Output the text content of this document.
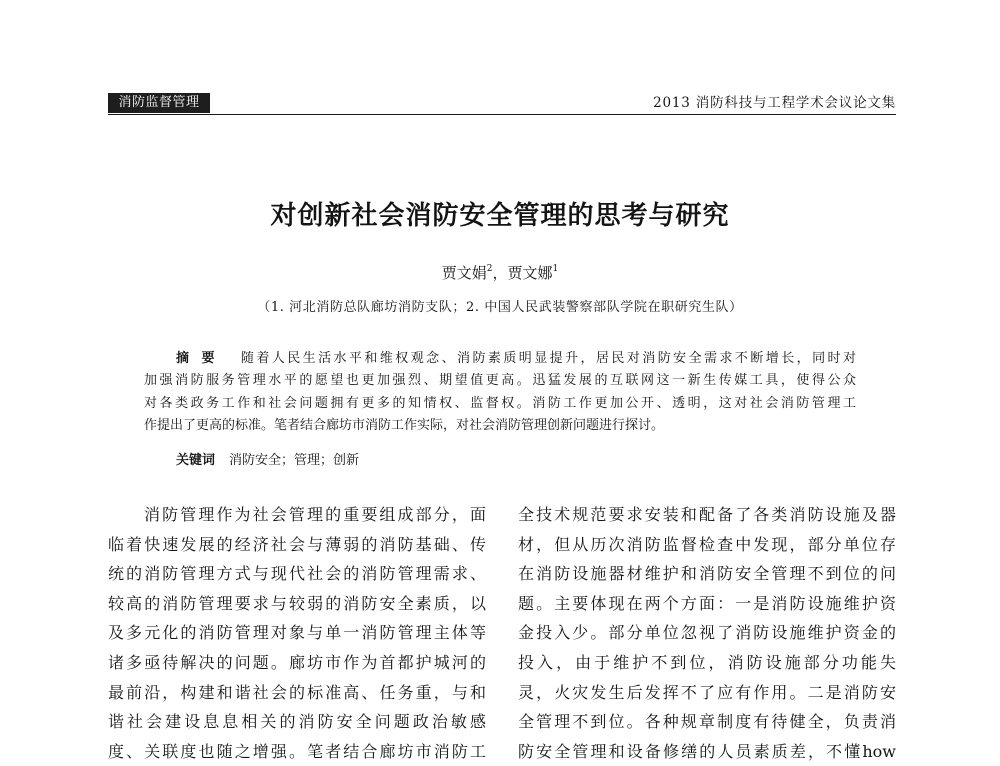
消防监督管理	2013 消防科技与工程学术会议论文集
对创新社会消防安全管理的思考与研究
贾文娟$^2$，贾文娜$^1$
（1. 河北消防总队廊坊消防支队；2. 中国人民武装警察部队学院在职研究生队）
摘要 随着人民生活水平和维权观念、消防素质明显提升，居民对消防安全需求不断增长，同时对
加强消防服务管理水平的愿望也更加强烈、期望值更高。迅猛发展的互联网这一新生传媒工具，使得公众
对各类政务工作和社会问题拥有更多的知情权、监督权。消防工作更加公开、透明，这对社会消防管理工
作提出了更高的标准。笔者结合廊坊市消防工作实际，对社会消防管理创新问题进行探讨。
关键词 消防安全；管理；创新
消防管理作为社会管理的重要组成部分，面
临着快速发展的经济社会与薄弱的消防基础、传
统的消防管理方式与现代社会的消防管理需求、
较高的消防管理要求与较弱的消防安全素质，以
及多元化的消防管理对象与单一消防管理主体等
诸多亟待解决的问题。廊坊市作为首都护城河的
最前沿，构建和谐社会的标准高、任务重，与和
谐社会建设息息相关的消防安全问题政治敏感
度、关联度也随之增强。笔者结合廊坊市消防工
全技术规范要求安装和配备了各类消防设施及器
材，但从历次消防监督检查中发现，部分单位存
在消防设施器材维护和消防安全管理不到位的问
题。主要体现在两个方面：一是消防设施维护资
金投入少。部分单位忽视了消防设施维护资金的
投入，由于维护不到位，消防设施部分功能失
灵，火灾发生后发挥不了应有作用。二是消防安
全管理不到位。各种规章制度有待健全，负责消
防安全管理和设备修缮的人员素质差，不懂how
